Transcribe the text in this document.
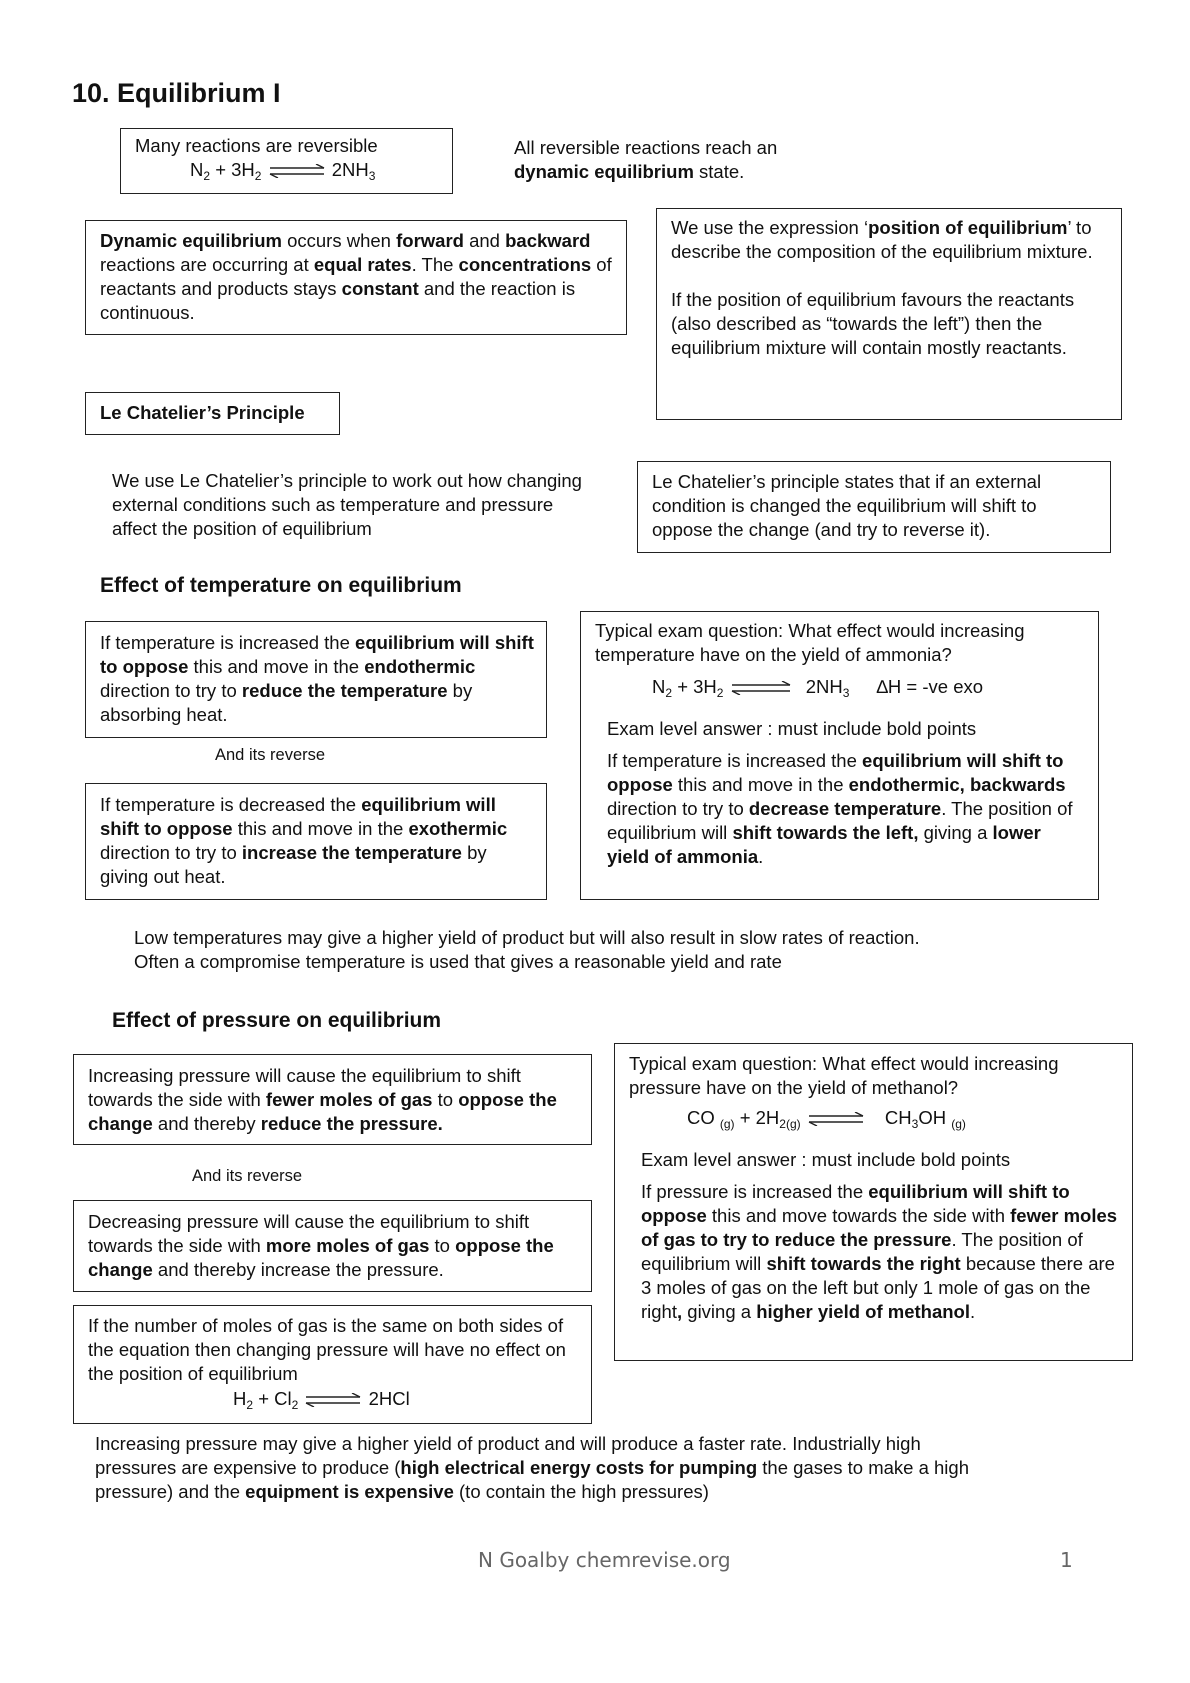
10. Equilibrium I
Many reactions are reversible
$N_2 + 3H_2$ ⇌ $2NH_3$
All reversible reactions reach an
dynamic equilibrium state.
Dynamic equilibrium occurs when forward and backward reactions are occurring at equal rates. The concentrations of reactants and products stays constant and the reaction is continuous.
We use the expression ‘position of equilibrium’ to describe the composition of the equilibrium mixture.
If the position of equilibrium favours the reactants (also described as “towards the left”) then the equilibrium mixture will contain mostly reactants.
Le Chatelier’s Principle
We use Le Chatelier’s principle to work out how changing external conditions such as temperature and pressure affect the position of equilibrium
Le Chatelier’s principle states that if an external condition is changed the equilibrium will shift to oppose the change (and try to reverse it).
Effect of temperature on equilibrium
If temperature is increased the equilibrium will shift to oppose this and move in the endothermic direction to try to reduce the temperature by absorbing heat.
And its reverse
If temperature is decreased the equilibrium will shift to oppose this and move in the exothermic direction to try to increase the temperature by giving out heat.
Typical exam question: What effect would increasing temperature have on the yield of ammonia?
$N_2 + 3H_2$ ⇌ $2NH_3$ ∆H = -ve exo
Exam level answer : must include bold points
If temperature is increased the equilibrium will shift to oppose this and move in the endothermic, backwards direction to try to decrease temperature. The position of equilibrium will shift towards the left, giving a lower yield of ammonia.
Low temperatures may give a higher yield of product but will also result in slow rates of reaction. Often a compromise temperature is used that gives a reasonable yield and rate
Effect of pressure on equilibrium
Increasing pressure will cause the equilibrium to shift towards the side with fewer moles of gas to oppose the change and thereby reduce the pressure.
And its reverse
Decreasing pressure will cause the equilibrium to shift towards the side with more moles of gas to oppose the change and thereby increase the pressure.
If the number of moles of gas is the same on both sides of the equation then changing pressure will have no effect on the position of equilibrium
$H_2 + Cl_2$ ⇌ 2HCl
Typical exam question: What effect would increasing pressure have on the yield of methanol?
CO $_{(g)} + 2H_{2(g)}$ ⇌ $CH_3OH$ $_{(g)}$
Exam level answer : must include bold points
If pressure is increased the equilibrium will shift to oppose this and move towards the side with fewer moles of gas to try to reduce the pressure. The position of equilibrium will shift towards the right because there are 3 moles of gas on the left but only 1 mole of gas on the right, giving a higher yield of methanol.
Increasing pressure may give a higher yield of product and will produce a faster rate. Industrially high pressures are expensive to produce (high electrical energy costs for pumping the gases to make a high pressure) and the equipment is expensive (to contain the high pressures)
N Goalby chemrevise.org	1
